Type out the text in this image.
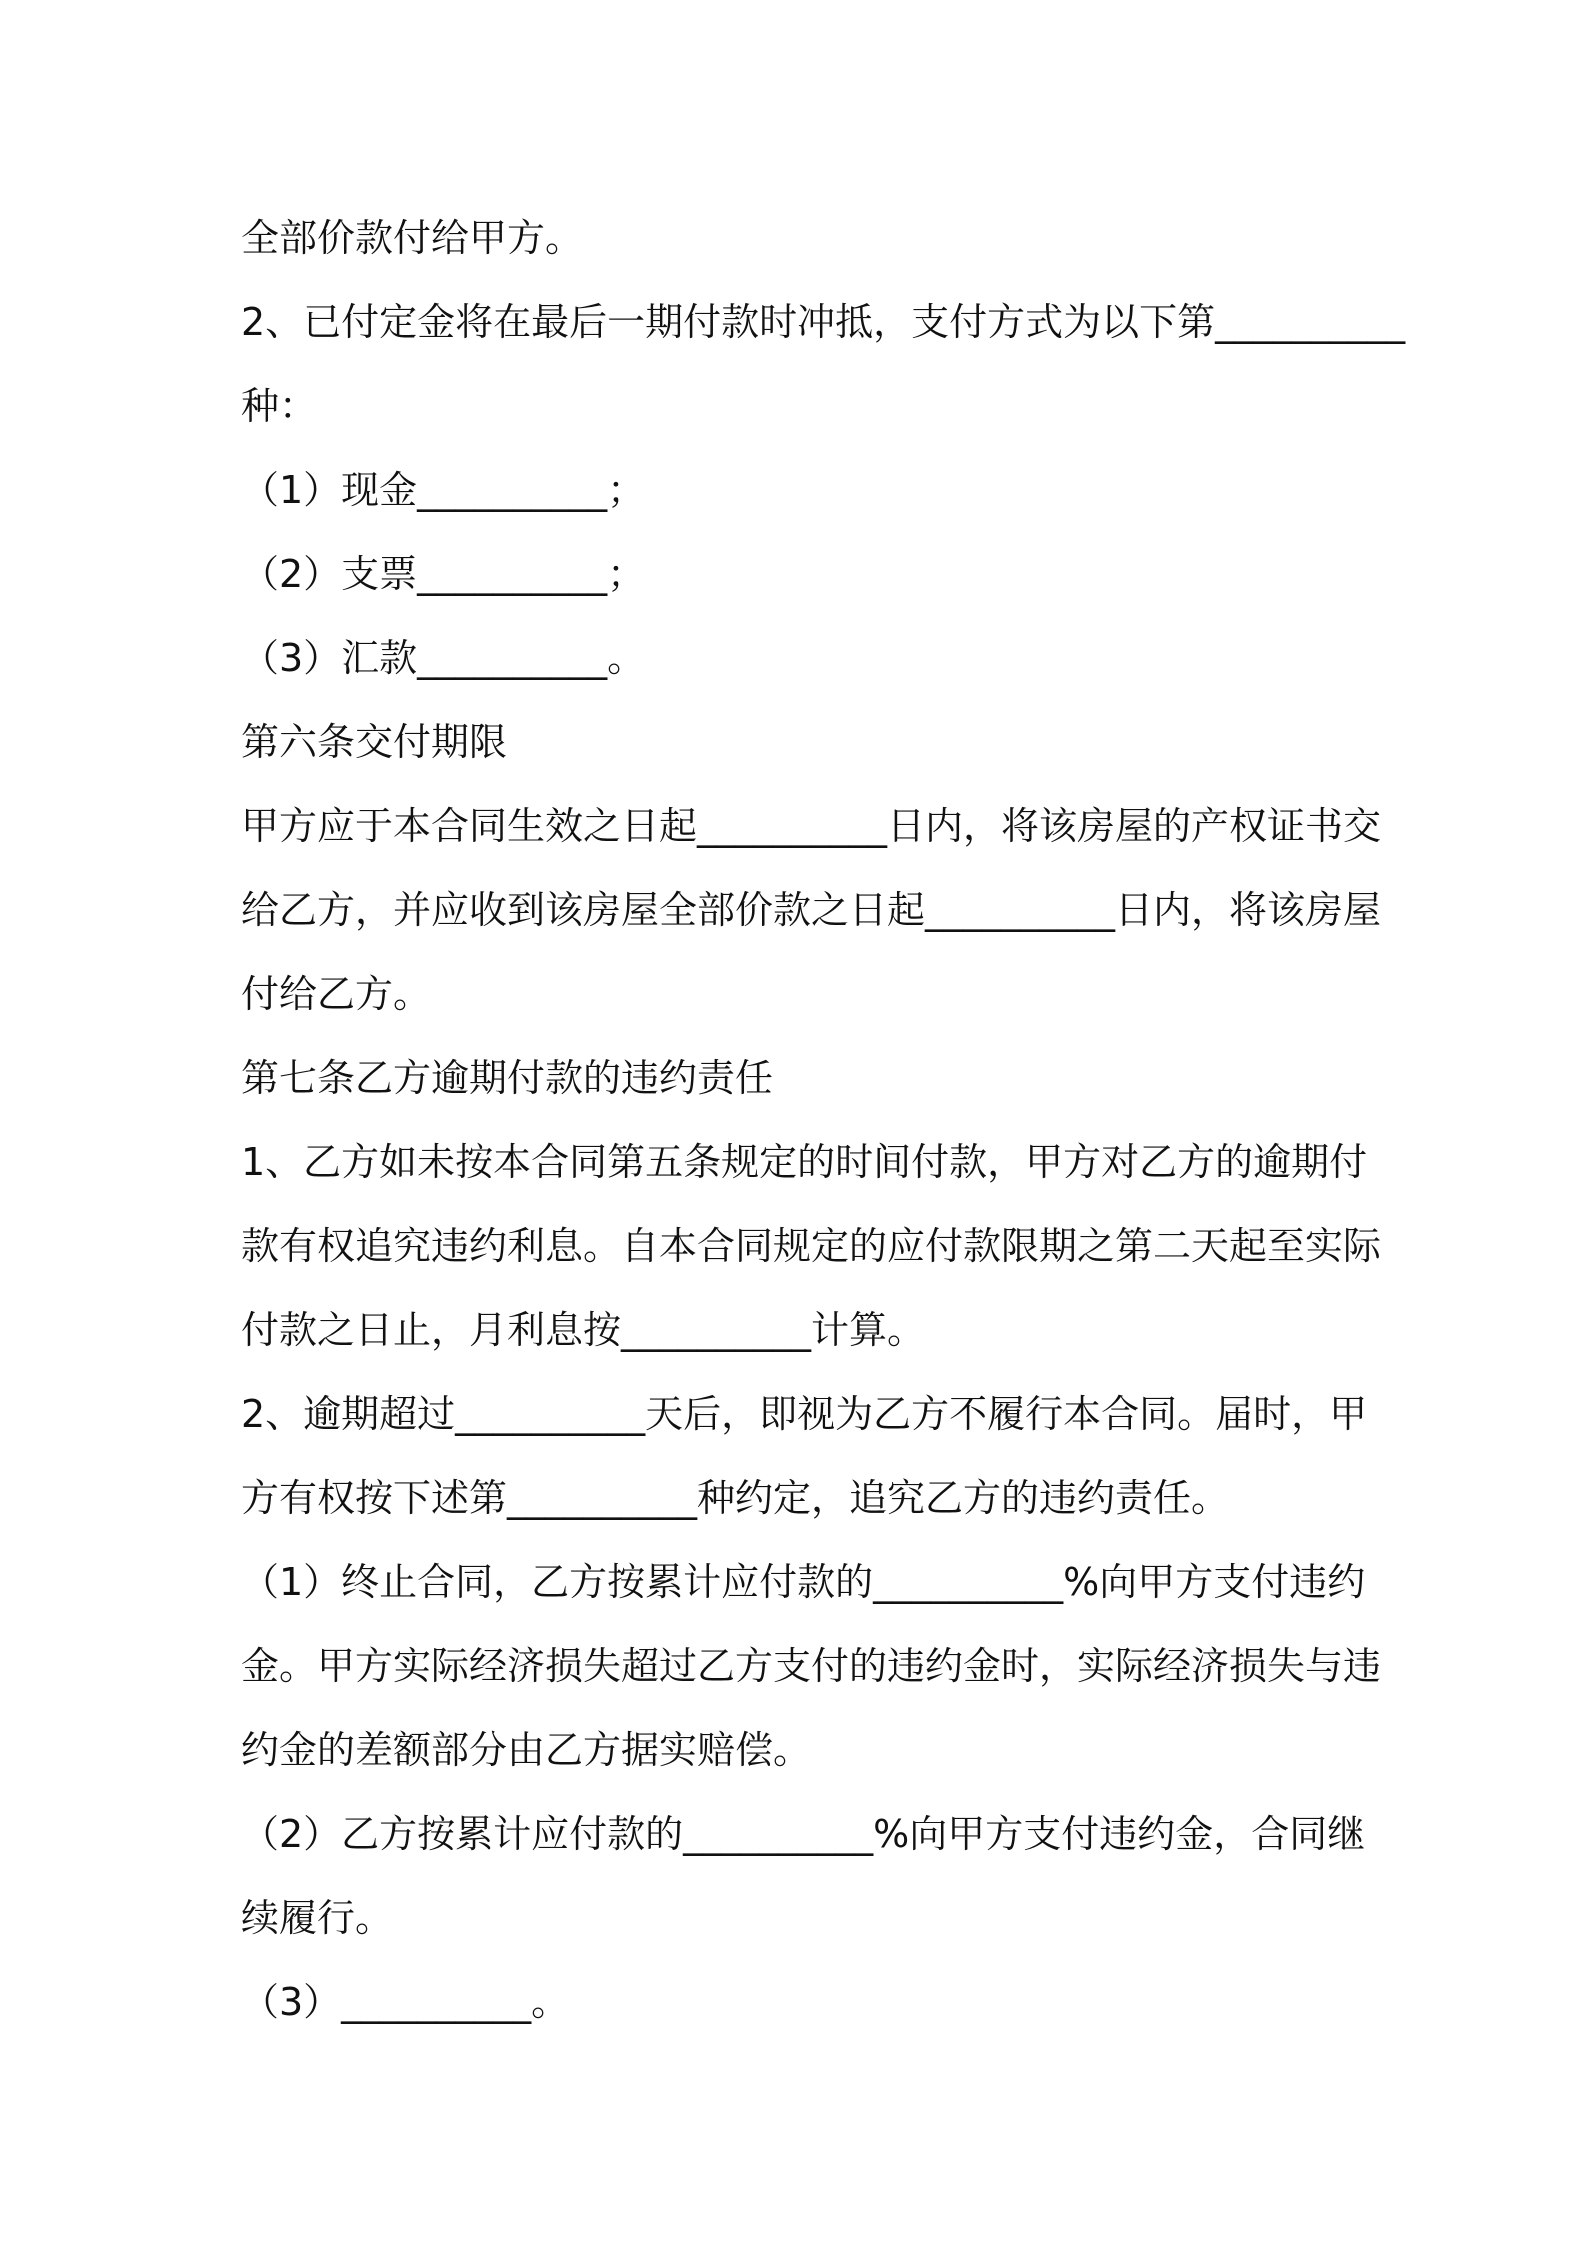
全部价款付给甲方。
2、已付定金将在最后一期付款时冲抵，支付方式为以下第__________
种：
（1）现金__________；
（2）支票__________；
（3）汇款__________。
第六条交付期限
甲方应于本合同生效之日起__________日内，将该房屋的产权证书交
给乙方，并应收到该房屋全部价款之日起__________日内，将该房屋
付给乙方。
第七条乙方逾期付款的违约责任
1、乙方如未按本合同第五条规定的时间付款，甲方对乙方的逾期付
款有权追究违约利息。自本合同规定的应付款限期之第二天起至实际
付款之日止，月利息按__________计算。
2、逾期超过__________天后，即视为乙方不履行本合同。届时，甲
方有权按下述第__________种约定，追究乙方的违约责任。
（1）终止合同，乙方按累计应付款的__________%向甲方支付违约
金。甲方实际经济损失超过乙方支付的违约金时，实际经济损失与违
约金的差额部分由乙方据实赔偿。
（2）乙方按累计应付款的__________%向甲方支付违约金，合同继
续履行。
（3）__________。
